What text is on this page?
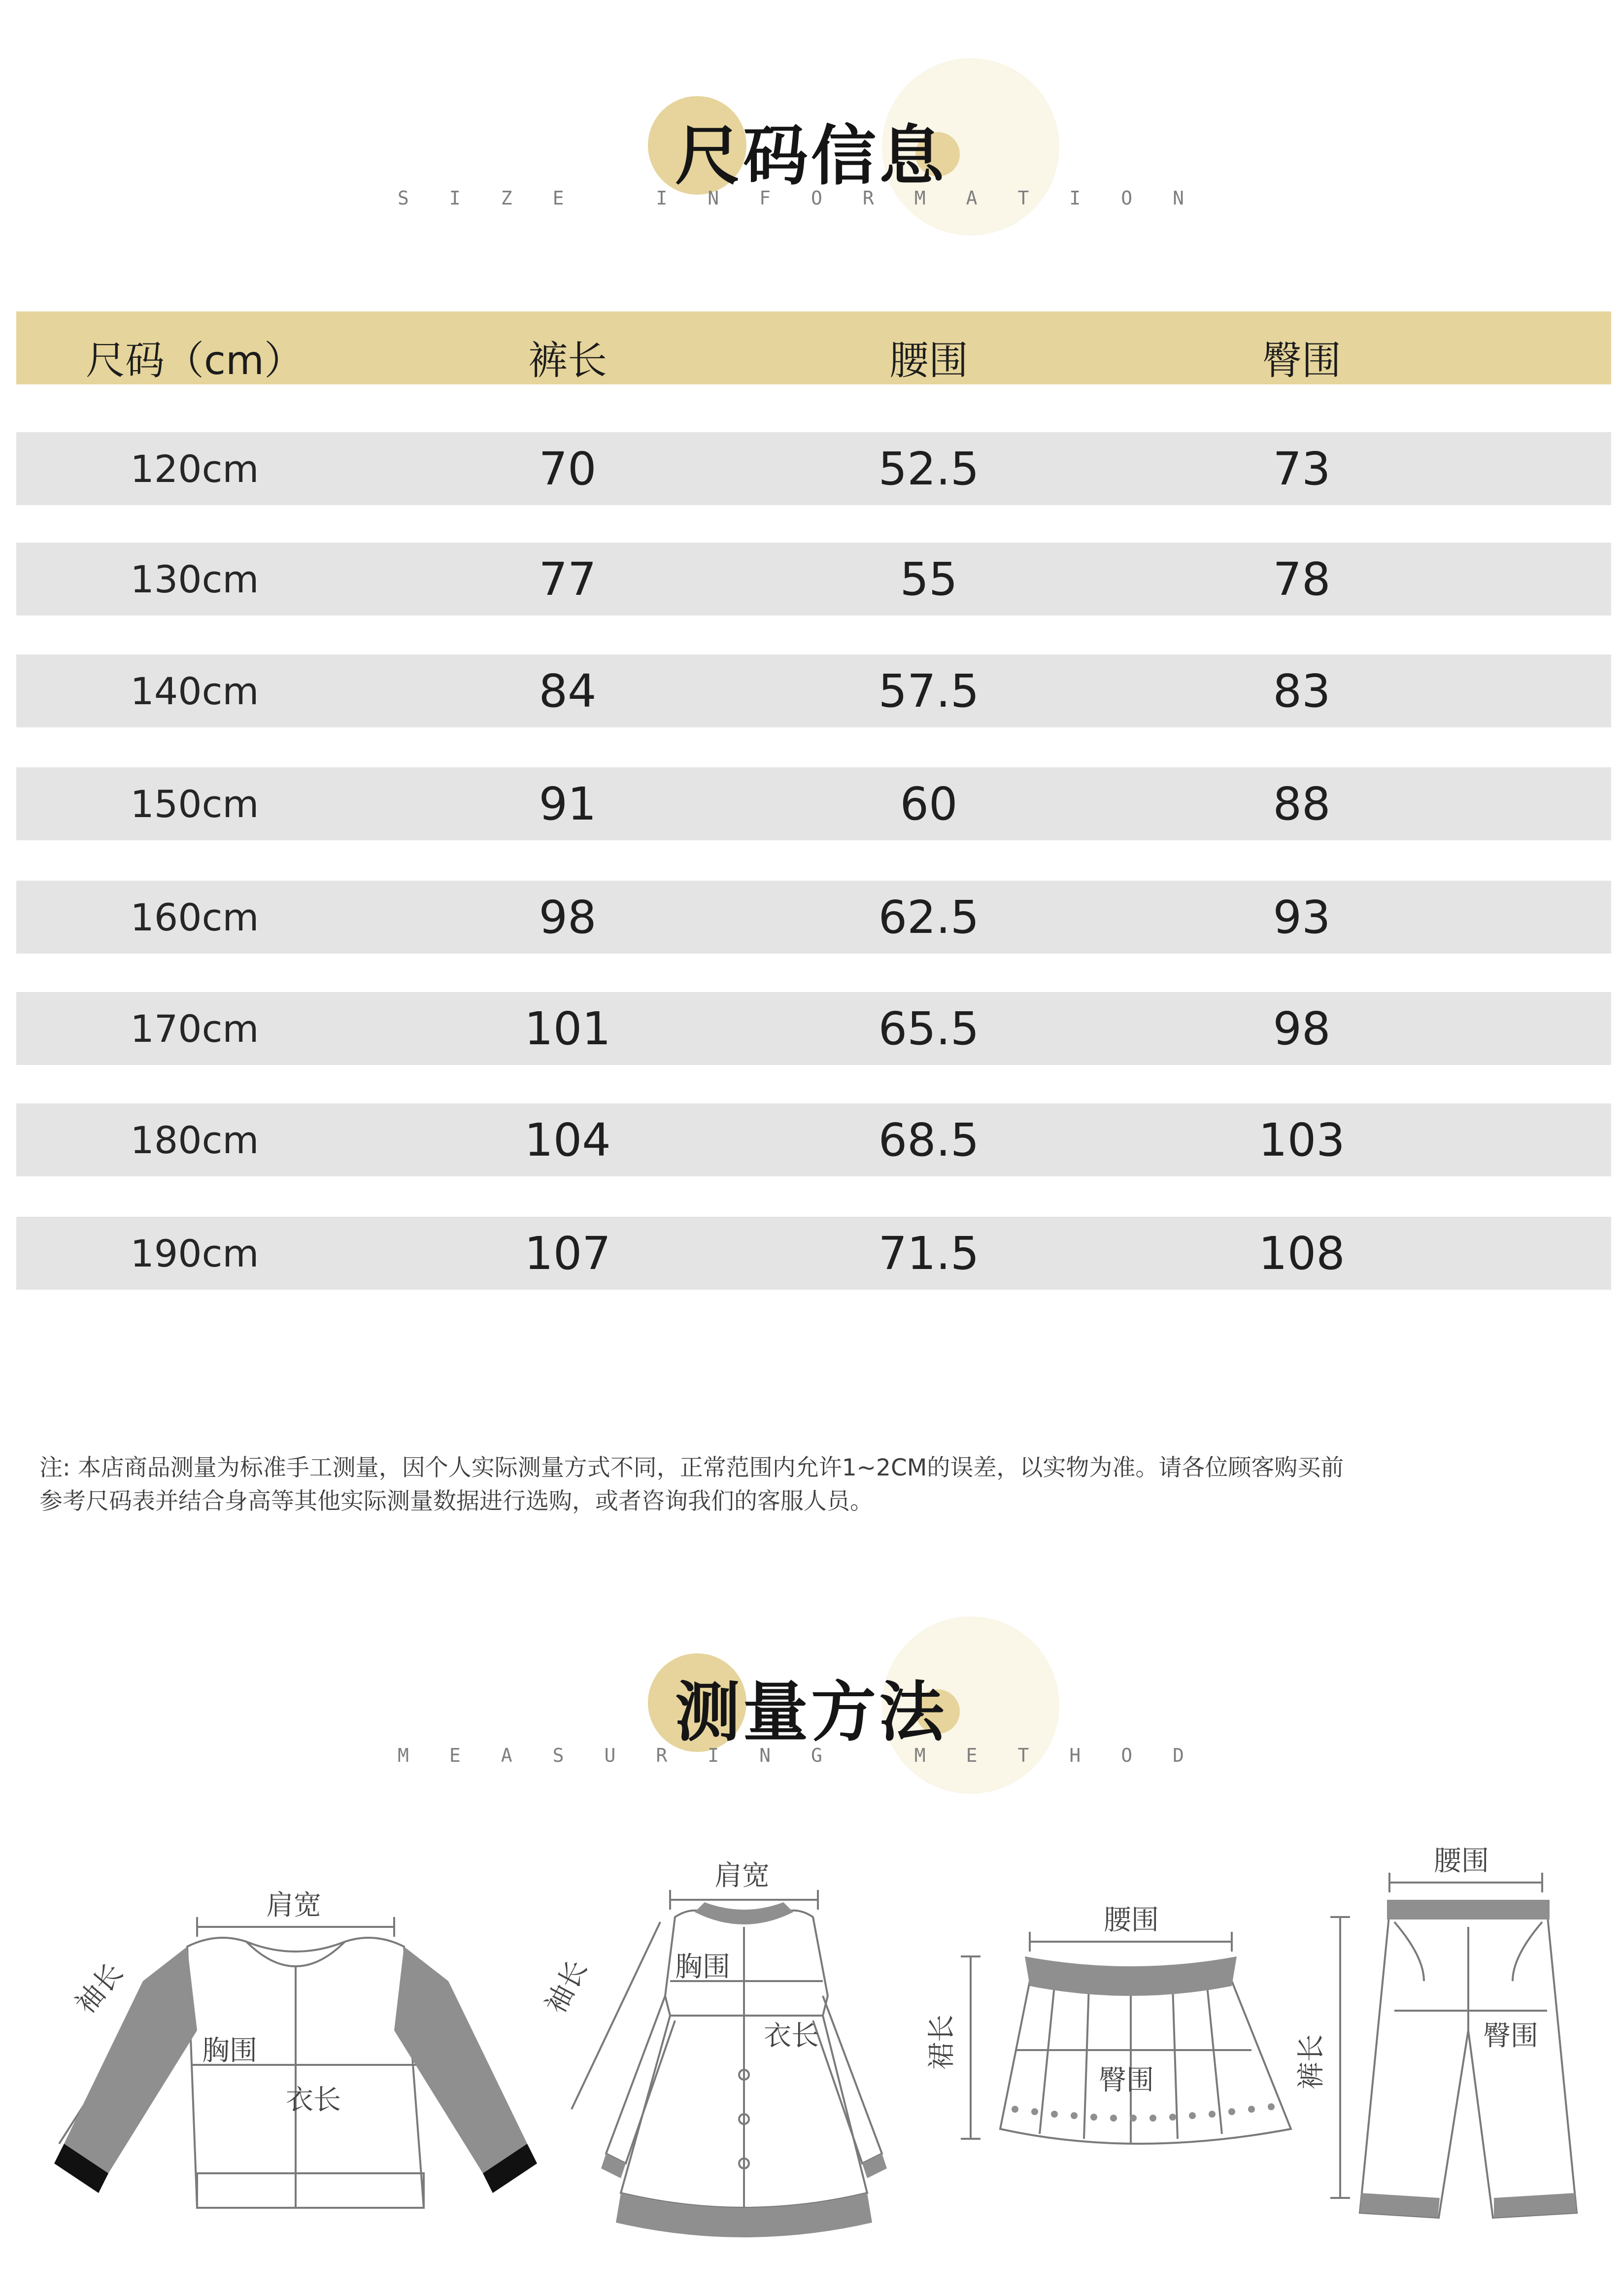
尺码信息
SIZE INFORMATION
尺码（cm）	裤长	腰围	臀围
120cm	70	52.5	73
130cm	77	55	78
140cm	84	57.5	83
150cm	91	60	88
160cm	98	62.5	93
170cm	101	65.5	98
180cm	104	68.5	103
190cm	107	71.5	108
注: 本店商品测量为标准手工测量，因个人实际测量方式不同，正常范围内允许1~2CM的误差，以实物为准。请各位顾客购买前
参考尺码表并结合身高等其他实际测量数据进行选购，或者咨询我们的客服人员。
测量方法
MEASURING METHOD
肩宽
袖长
胸围
衣长
肩宽
袖长	胸围
衣长
腰围
裙长
臀围
腰围
裤长	臀围
